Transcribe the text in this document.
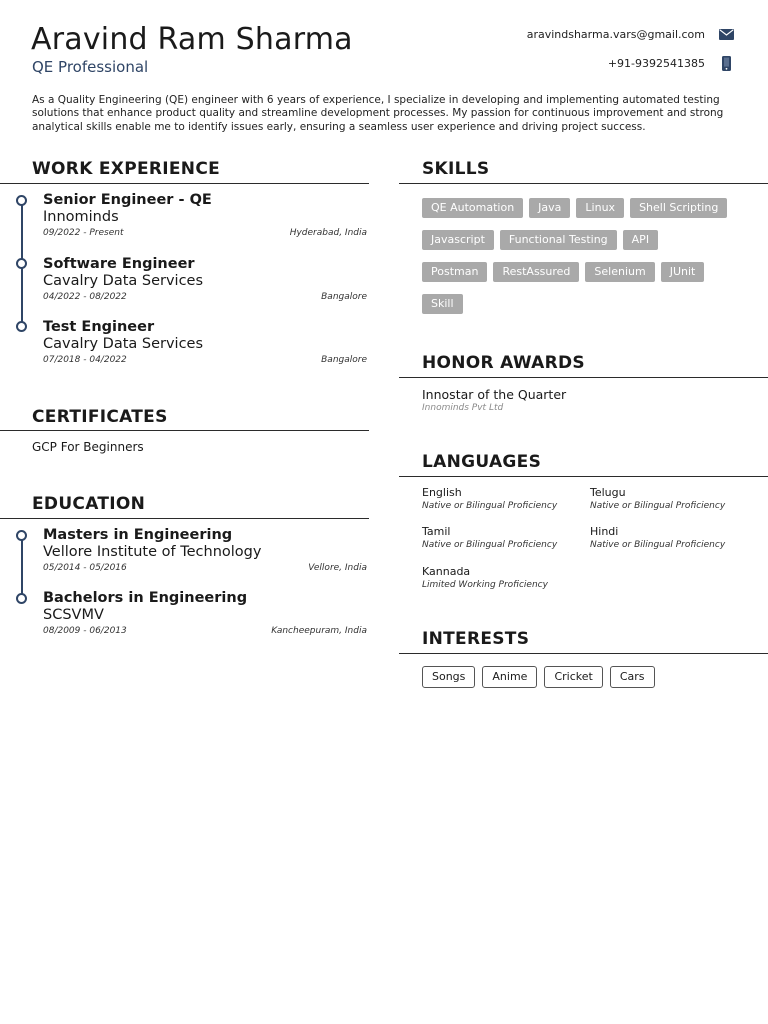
Aravind Ram Sharma
QE Professional
aravindsharma.vars@gmail.com
+91-9392541385

As a Quality Engineering (QE) engineer with 6 years of experience, I specialize in developing and implementing automated testing solutions that enhance product quality and streamline development processes. My passion for continuous improvement and strong analytical skills enable me to identify issues early, ensuring a seamless user experience and driving project success.

WORK EXPERIENCE
Senior Engineer - QE
Innominds
09/2022 - Present	Hyderabad, India
Software Engineer
Cavalry Data Services
04/2022 - 08/2022	Bangalore
Test Engineer
Cavalry Data Services
07/2018 - 04/2022	Bangalore
CERTIFICATES
GCP For Beginners
EDUCATION
Masters in Engineering
Vellore Institute of Technology
05/2014 - 05/2016	Vellore, India
Bachelors in Engineering
SCSVMV
08/2009 - 06/2013	Kancheepuram, India
SKILLS
QE Automation Java Linux Shell Scripting
Javascript Functional Testing API
Postman RestAssured Selenium JUnit
Skill
HONOR AWARDS
Innostar of the Quarter
Innominds Pvt Ltd
LANGUAGES
English
Native or Bilingual Proficiency
Telugu
Native or Bilingual Proficiency
Tamil
Native or Bilingual Proficiency
Hindi
Native or Bilingual Proficiency
Kannada
Limited Working Proficiency
INTERESTS
Songs	Anime	Cricket	Cars
